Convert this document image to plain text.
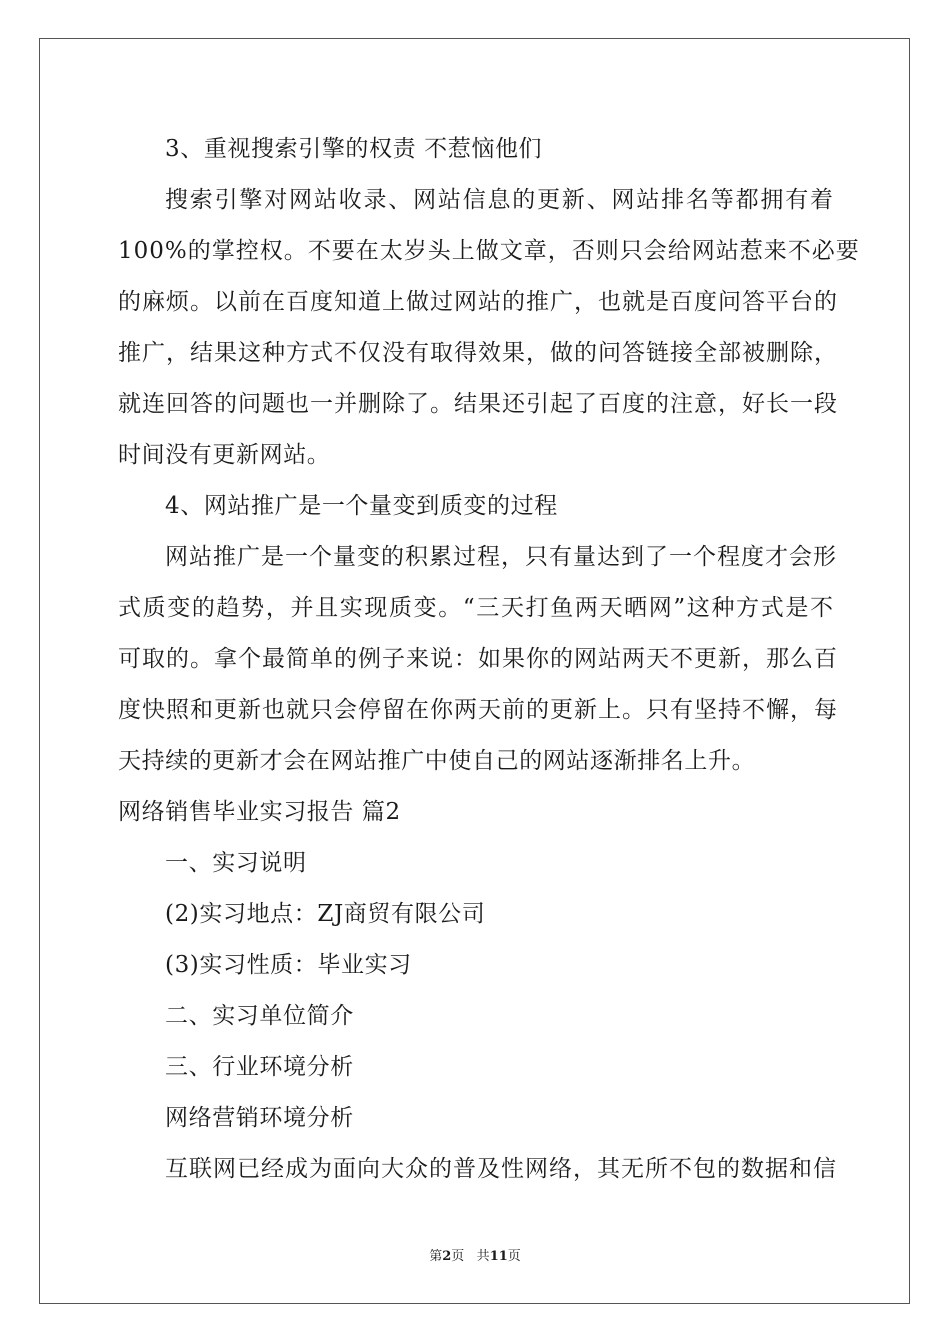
3、重视搜索引擎的权责 不惹恼他们
搜索引擎对网站收录、网站信息的更新、网站排名等都拥有着
100%的掌控权。不要在太岁头上做文章，否则只会给网站惹来不必要
的麻烦。以前在百度知道上做过网站的推广，也就是百度问答平台的
推广，结果这种方式不仅没有取得效果，做的问答链接全部被删除，
就连回答的问题也一并删除了。结果还引起了百度的注意，好长一段
时间没有更新网站。
4、网站推广是一个量变到质变的过程
网站推广是一个量变的积累过程，只有量达到了一个程度才会形
式质变的趋势，并且实现质变。“三天打鱼两天晒网”这种方式是不
可取的。拿个最简单的例子来说：如果你的网站两天不更新，那么百
度快照和更新也就只会停留在你两天前的更新上。只有坚持不懈，每
天持续的更新才会在网站推广中使自己的网站逐渐排名上升。
网络销售毕业实习报告 篇2
一、实习说明
(2)实习地点：ZJ商贸有限公司
(3)实习性质：毕业实习
二、实习单位简介
三、行业环境分析
网络营销环境分析
互联网已经成为面向大众的普及性网络，其无所不包的数据和信
第2页 共11页
